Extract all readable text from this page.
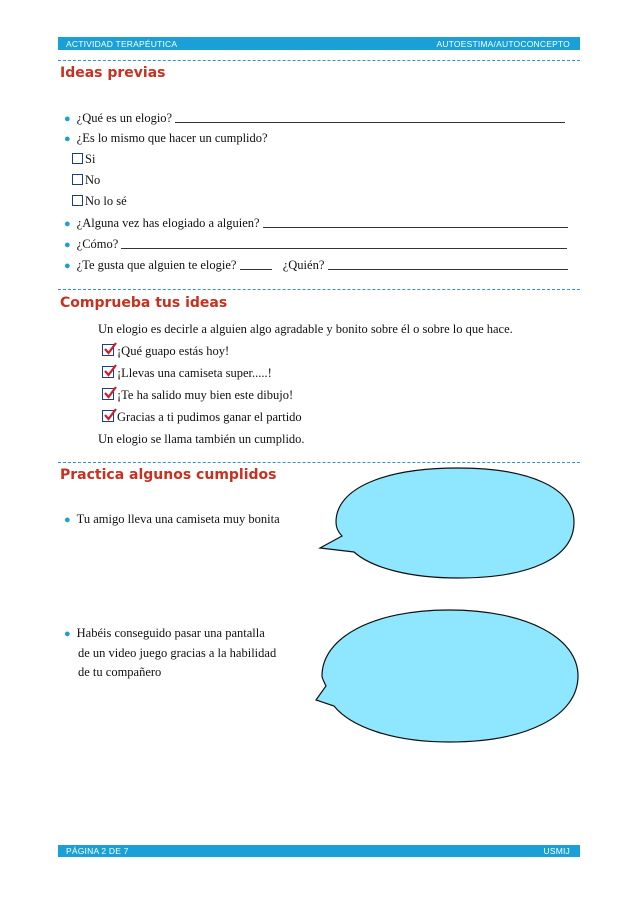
ACTIVIDAD TERAPÉUTICA	AUTOESTIMA/AUTOCONCEPTO
Ideas previas
● ¿Qué es un elogio?
● ¿Es lo mismo que hacer un cumplido?
Si
No
No lo sé
● ¿Alguna vez has elogiado a alguien?
● ¿Cómo?
● ¿Te gusta que alguien te elogie?	¿Quién?
Comprueba tus ideas
Un elogio es decirle a alguien algo agradable y bonito sobre él o sobre lo que hace.
¡Qué guapo estás hoy!
¡Llevas una camiseta super.....!
¡Te ha salido muy bien este dibujo!
Gracias a ti pudimos ganar el partido
Un elogio se llama también un cumplido.
Practica algunos cumplidos
● Tu amigo lleva una camiseta muy bonita
● Habéis conseguido pasar una pantalla
de un video juego gracias a la habilidad
de tu compañero
PÁGINA 2 DE 7	USMIJ
